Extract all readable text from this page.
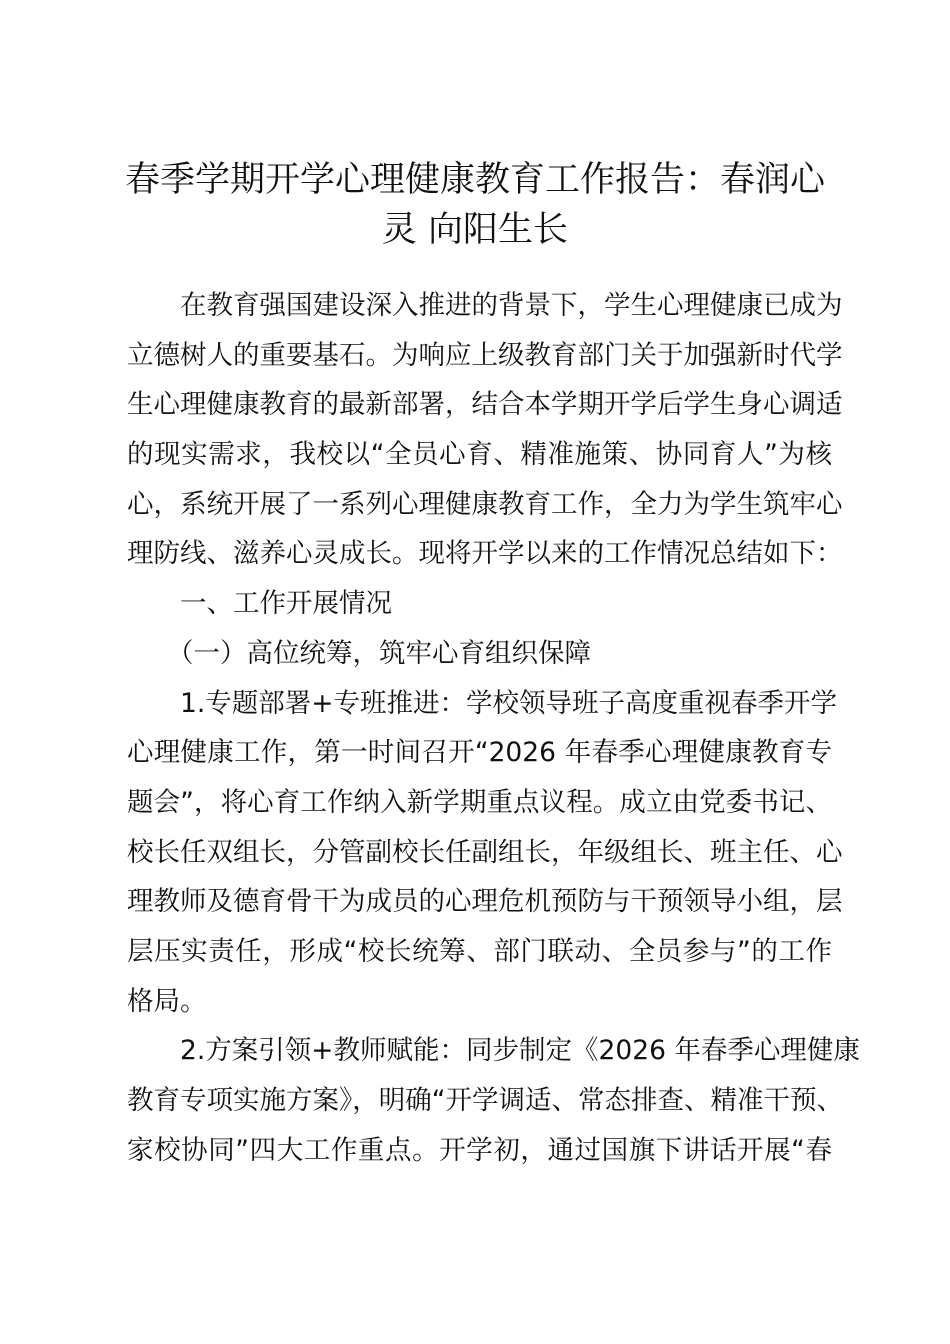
春季学期开学心理健康教育工作报告：春润心
灵 向阳生长
在教育强国建设深入推进的背景下，学生心理健康已成为
立德树人的重要基石。为响应上级教育部门关于加强新时代学
生心理健康教育的最新部署，结合本学期开学后学生身心调适
的现实需求，我校以“全员心育、精准施策、协同育人”为核
心，系统开展了一系列心理健康教育工作，全力为学生筑牢心
理防线、滋养心灵成长。现将开学以来的工作情况总结如下：
一、工作开展情况
（一）高位统筹，筑牢心育组织保障
1.专题部署+专班推进：学校领导班子高度重视春季开学
心理健康工作，第一时间召开“2026 年春季心理健康教育专
题会”，将心育工作纳入新学期重点议程。成立由党委书记、
校长任双组长，分管副校长任副组长，年级组长、班主任、心
理教师及德育骨干为成员的心理危机预防与干预领导小组，层
层压实责任，形成“校长统筹、部门联动、全员参与”的工作
格局。
2.方案引领+教师赋能：同步制定《2026 年春季心理健康
教育专项实施方案》，明确“开学调适、常态排查、精准干预、
家校协同”四大工作重点。开学初，通过国旗下讲话开展“春
